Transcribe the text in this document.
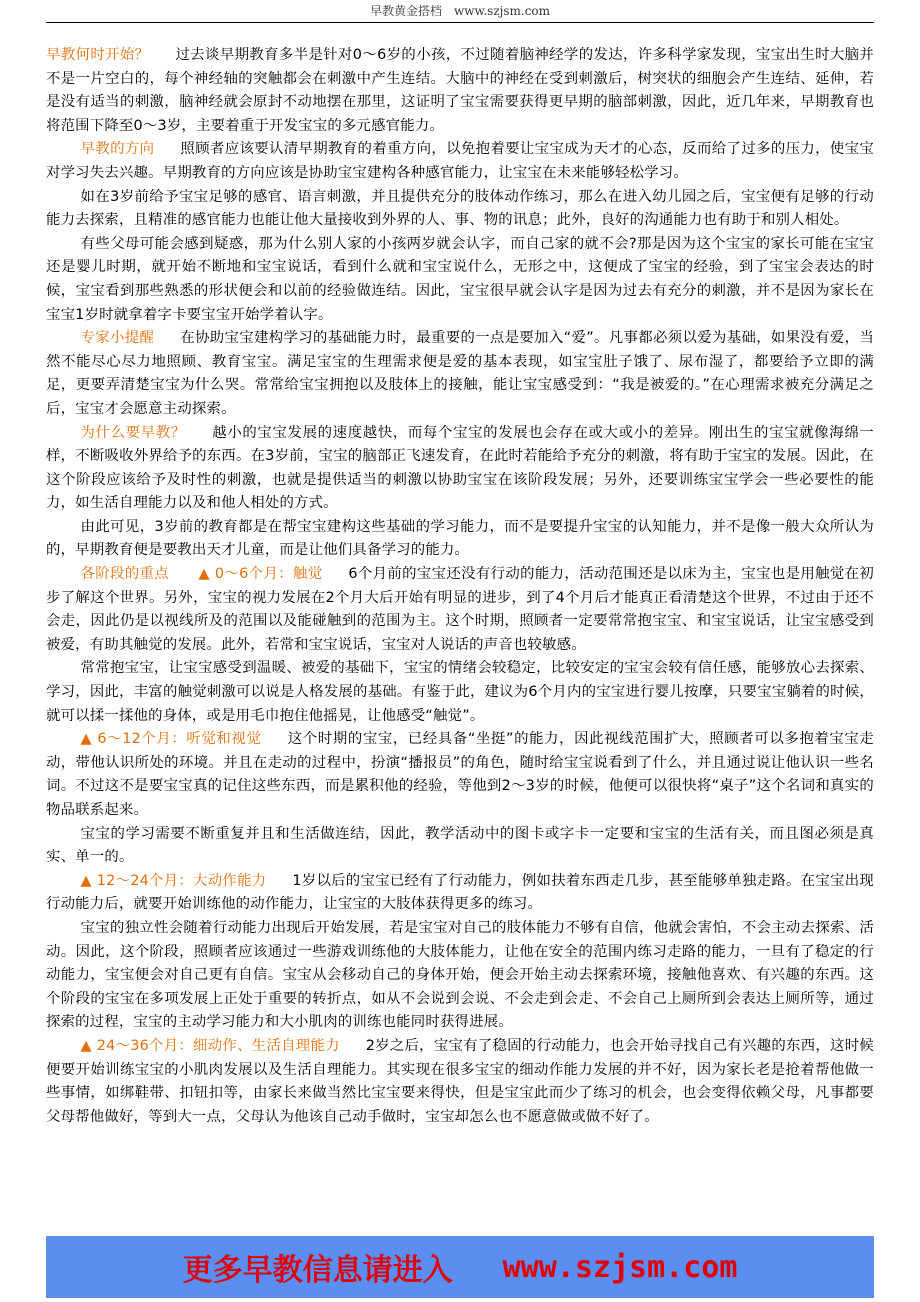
早教黄金搭档　www.szjsm.com

早教何时开始？ 过去谈早期教育多半是针对0～6岁的小孩，不过随着脑神经学的发达，许多科学家发现，宝宝出生时大脑并不是一片空白的，每个神经轴的突触都会在刺激中产生连结。大脑中的神经在受到刺激后，树突状的细胞会产生连结、延伸，若是没有适当的刺激，脑神经就会原封不动地摆在那里，这证明了宝宝需要获得更早期的脑部刺激，因此，近几年来，早期教育也将范围下降至0～3岁，主要着重于开发宝宝的多元感官能力。

早教的方向 照顾者应该要认清早期教育的着重方向，以免抱着要让宝宝成为天才的心态，反而给了过多的压力，使宝宝对学习失去兴趣。早期教育的方向应该是协助宝宝建构各种感官能力，让宝宝在未来能够轻松学习。

如在3岁前给予宝宝足够的感官、语言刺激，并且提供充分的肢体动作练习，那么在进入幼儿园之后，宝宝便有足够的行动能力去探索，且精准的感官能力也能让他大量接收到外界的人、事、物的讯息；此外，良好的沟通能力也有助于和别人相处。

有些父母可能会感到疑惑，那为什么别人家的小孩两岁就会认字，而自己家的就不会?那是因为这个宝宝的家长可能在宝宝还是婴儿时期，就开始不断地和宝宝说话，看到什么就和宝宝说什么，无形之中，这便成了宝宝的经验，到了宝宝会表达的时候，宝宝看到那些熟悉的形状便会和以前的经验做连结。因此，宝宝很早就会认字是因为过去有充分的刺激，并不是因为家长在宝宝1岁时就拿着字卡要宝宝开始学着认字。

专家小提醒 在协助宝宝建构学习的基础能力时，最重要的一点是要加入“爱”。凡事都必须以爱为基础，如果没有爱，当然不能尽心尽力地照顾、教育宝宝。满足宝宝的生理需求便是爱的基本表现，如宝宝肚子饿了、尿布湿了，都要给予立即的满足，更要弄清楚宝宝为什么哭。常常给宝宝拥抱以及肢体上的接触，能让宝宝感受到：“我是被爱的。”在心理需求被充分满足之后，宝宝才会愿意主动探索。

为什么要早教？ 越小的宝宝发展的速度越快，而每个宝宝的发展也会存在或大或小的差异。刚出生的宝宝就像海绵一样，不断吸收外界给予的东西。在3岁前，宝宝的脑部正飞速发育，在此时若能给予充分的刺激，将有助于宝宝的发展。因此，在这个阶段应该给予及时性的刺激，也就是提供适当的刺激以协助宝宝在该阶段发展；另外，还要训练宝宝学会一些必要性的能力，如生活自理能力以及和他人相处的方式。

由此可见，3岁前的教育都是在帮宝宝建构这些基础的学习能力，而不是要提升宝宝的认知能力，并不是像一般大众所认为的，早期教育便是要教出天才儿童，而是让他们具备学习的能力。

各阶段的重点　　▲ 0～6个月：触觉 6个月前的宝宝还没有行动的能力，活动范围还是以床为主，宝宝也是用触觉在初步了解这个世界。另外，宝宝的视力发展在2个月大后开始有明显的进步，到了4个月后才能真正看清楚这个世界，不过由于还不会走，因此仍是以视线所及的范围以及能碰触到的范围为主。这个时期，照顾者一定要常常抱宝宝、和宝宝说话，让宝宝感受到被爱，有助其触觉的发展。此外，若常和宝宝说话，宝宝对人说话的声音也较敏感。

常常抱宝宝，让宝宝感受到温暖、被爱的基础下，宝宝的情绪会较稳定，比较安定的宝宝会较有信任感，能够放心去探索、学习，因此，丰富的触觉刺激可以说是人格发展的基础。有鉴于此，建议为6个月内的宝宝进行婴儿按摩，只要宝宝躺着的时候，就可以揉一揉他的身体，或是用毛巾抱住他摇晃，让他感受“触觉”。

▲ 6～12个月：听觉和视觉 这个时期的宝宝，已经具备“坐挺”的能力，因此视线范围扩大，照顾者可以多抱着宝宝走动，带他认识所处的环境。并且在走动的过程中，扮演“播报员”的角色，随时给宝宝说看到了什么，并且通过说让他认识一些名词。不过这不是要宝宝真的记住这些东西，而是累积他的经验，等他到2～3岁的时候，他便可以很快将“桌子”这个名词和真实的物品联系起来。

宝宝的学习需要不断重复并且和生活做连结，因此，教学活动中的图卡或字卡一定要和宝宝的生活有关，而且图必须是真实、单一的。

▲ 12～24个月：大动作能力 1岁以后的宝宝已经有了行动能力，例如扶着东西走几步，甚至能够单独走路。在宝宝出现行动能力后，就要开始训练他的动作能力，让宝宝的大肢体获得更多的练习。

宝宝的独立性会随着行动能力出现后开始发展，若是宝宝对自己的肢体能力不够有自信，他就会害怕，不会主动去探索、活动。因此，这个阶段，照顾者应该通过一些游戏训练他的大肢体能力，让他在安全的范围内练习走路的能力，一旦有了稳定的行动能力，宝宝便会对自己更有自信。宝宝从会移动自己的身体开始，便会开始主动去探索环境，接触他喜欢、有兴趣的东西。这个阶段的宝宝在多项发展上正处于重要的转折点，如从不会说到会说、不会走到会走、不会自己上厕所到会表达上厕所等，通过探索的过程，宝宝的主动学习能力和大小肌肉的训练也能同时获得进展。

▲ 24～36个月：细动作、生活自理能力 2岁之后，宝宝有了稳固的行动能力，也会开始寻找自己有兴趣的东西，这时候便要开始训练宝宝的小肌肉发展以及生活自理能力。其实现在很多宝宝的细动作能力发展的并不好，因为家长老是抢着帮他做一些事情，如绑鞋带、扣钮扣等，由家长来做当然比宝宝要来得快，但是宝宝此而少了练习的机会，也会变得依赖父母，凡事都要父母帮他做好，等到大一点，父母认为他该自己动手做时，宝宝却怎么也不愿意做或做不好了。

更多早教信息请进入 www.szjsm.com
